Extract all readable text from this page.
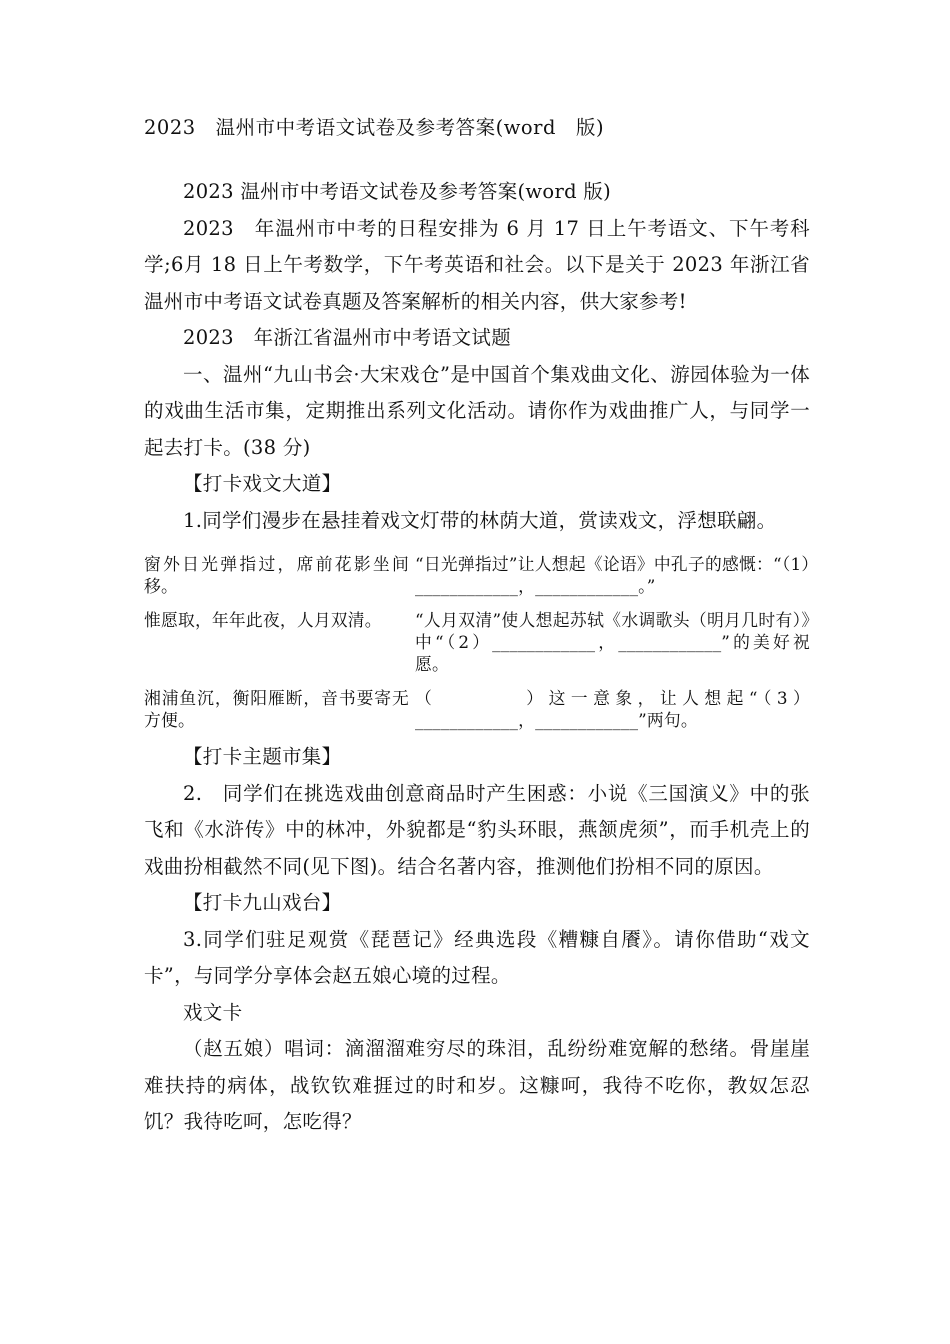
2023　温州市中考语文试卷及参考答案(word　版)

2023 温州市中考语文试卷及参考答案(word 版)

2023　年温州市中考的日程安排为 6 月 17 日上午考语文、下午考科学;6月 18 日上午考数学，下午考英语和社会。以下是关于 2023 年浙江省温州市中考语文试卷真题及答案解析的相关内容，供大家参考!

2023　年浙江省温州市中考语文试题

一、温州“九山书会·大宋戏仓”是中国首个集戏曲文化、游园体验为一体的戏曲生活市集，定期推出系列文化活动。请你作为戏曲推广人，与同学一起去打卡。(38 分)

【打卡戏文大道】

1.同学们漫步在悬挂着戏文灯带的林荫大道，赏读戏文，浮想联翩。

窗外日光弹指过，席前花影坐间移。	“日光弹指过”让人想起《论语》中孔子的感慨：“（1）____________，____________。”
惟愿取，年年此夜，人月双清。	“人月双清”使人想起苏轼《水调歌头（明月几时有）》中“（2）____________，____________”的美好祝愿。
湘浦鱼沉，衡阳雁断，音书要寄无方便。	（　　　　）这一意象，让人想起“（3）____________，____________”两句。

【打卡主题市集】

2.　同学们在挑选戏曲创意商品时产生困惑：小说《三国演义》中的张飞和《水浒传》中的林冲，外貌都是“豹头环眼，燕颔虎须”，而手机壳上的戏曲扮相截然不同(见下图)。结合名著内容，推测他们扮相不同的原因。

【打卡九山戏台】

3.同学们驻足观赏《琵琶记》经典选段《糟糠自餍》。请你借助“戏文卡”，与同学分享体会赵五娘心境的过程。

戏文卡

（赵五娘）唱词：滴溜溜难穷尽的珠泪，乱纷纷难宽解的愁绪。骨崖崖难扶持的病体，战钦钦难捱过的时和岁。这糠呵，我待不吃你，教奴怎忍饥？我待吃呵，怎吃得？
